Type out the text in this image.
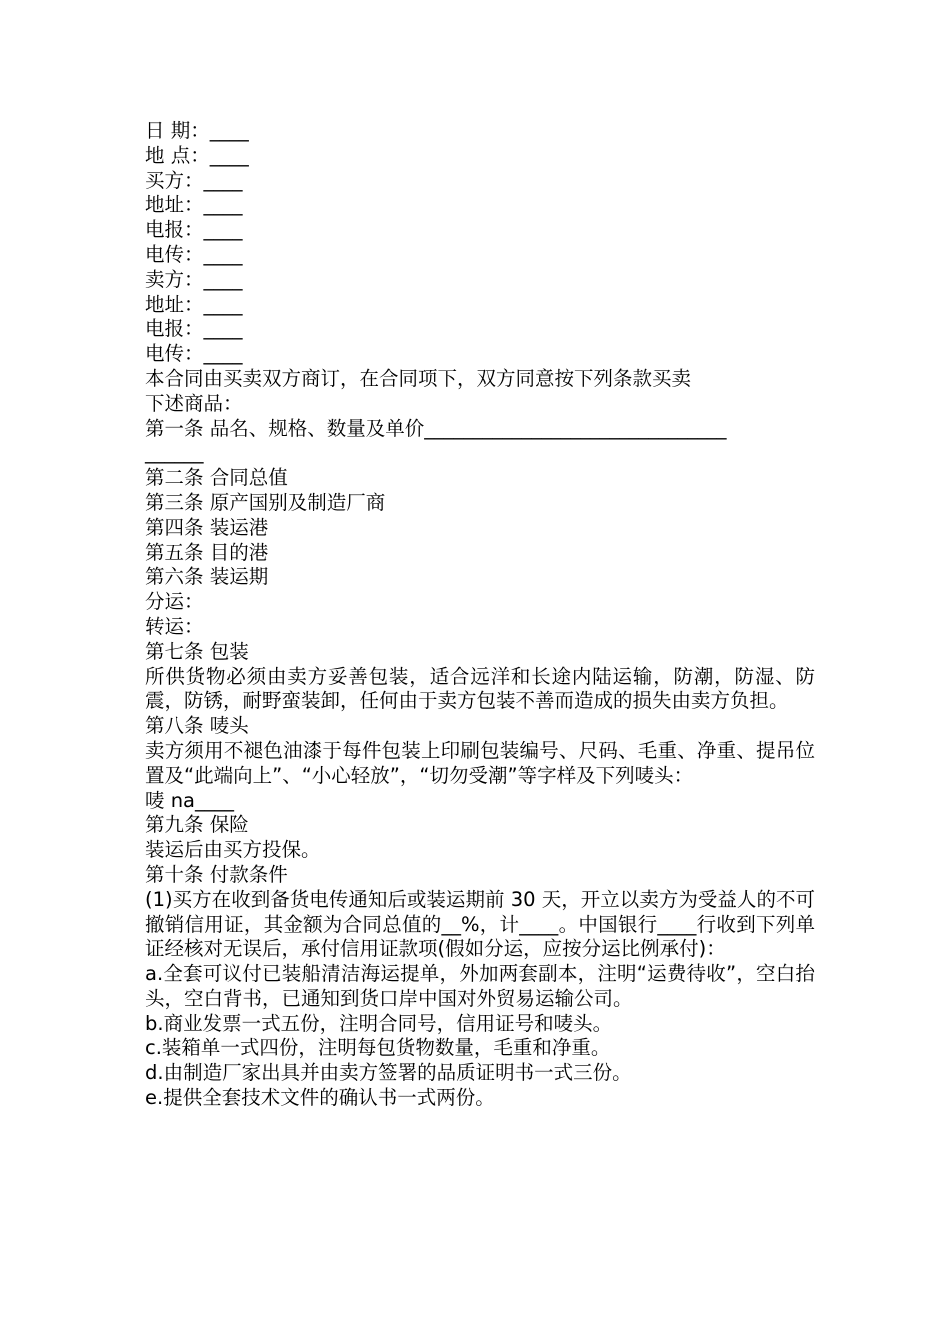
日 期：____
地 点：____
买方：____
地址：____
电报：____
电传：____
卖方：____
地址：____
电报：____
电传：____
本合同由买卖双方商订，在合同项下，双方同意按下列条款买卖
下述商品：
第一条 品名、规格、数量及单价_______________________________
______
第二条 合同总值
第三条 原产国别及制造厂商
第四条 装运港
第五条 目的港
第六条 装运期
分运：
转运：
第七条 包装

所供货物必须由卖方妥善包装，适合远洋和长途内陆运输，防潮，防湿、防震，防锈，耐野蛮装卸，任何由于卖方包装不善而造成的损失由卖方负担。

第八条 唛头

卖方须用不褪色油漆于每件包装上印刷包装编号、尺码、毛重、净重、提吊位置及“此端向上”、“小心轻放”，“切勿受潮”等字样及下列唛头：

唛 na____
第九条 保险
装运后由买方投保。
第十条 付款条件

(1)买方在收到备货电传通知后或装运期前 30 天，开立以卖方为受益人的不可撤销信用证，其金额为合同总值的__%，计____。中国银行____行收到下列单证经核对无误后，承付信用证款项(假如分运，应按分运比例承付)：

a.全套可议付已装船清洁海运提单，外加两套副本，注明“运费待收”，空白抬头，空白背书，已通知到货口岸中国对外贸易运输公司。

b.商业发票一式五份，注明合同号，信用证号和唛头。
c.装箱单一式四份，注明每包货物数量，毛重和净重。
d.由制造厂家出具并由卖方签署的品质证明书一式三份。
e.提供全套技术文件的确认书一式两份。
